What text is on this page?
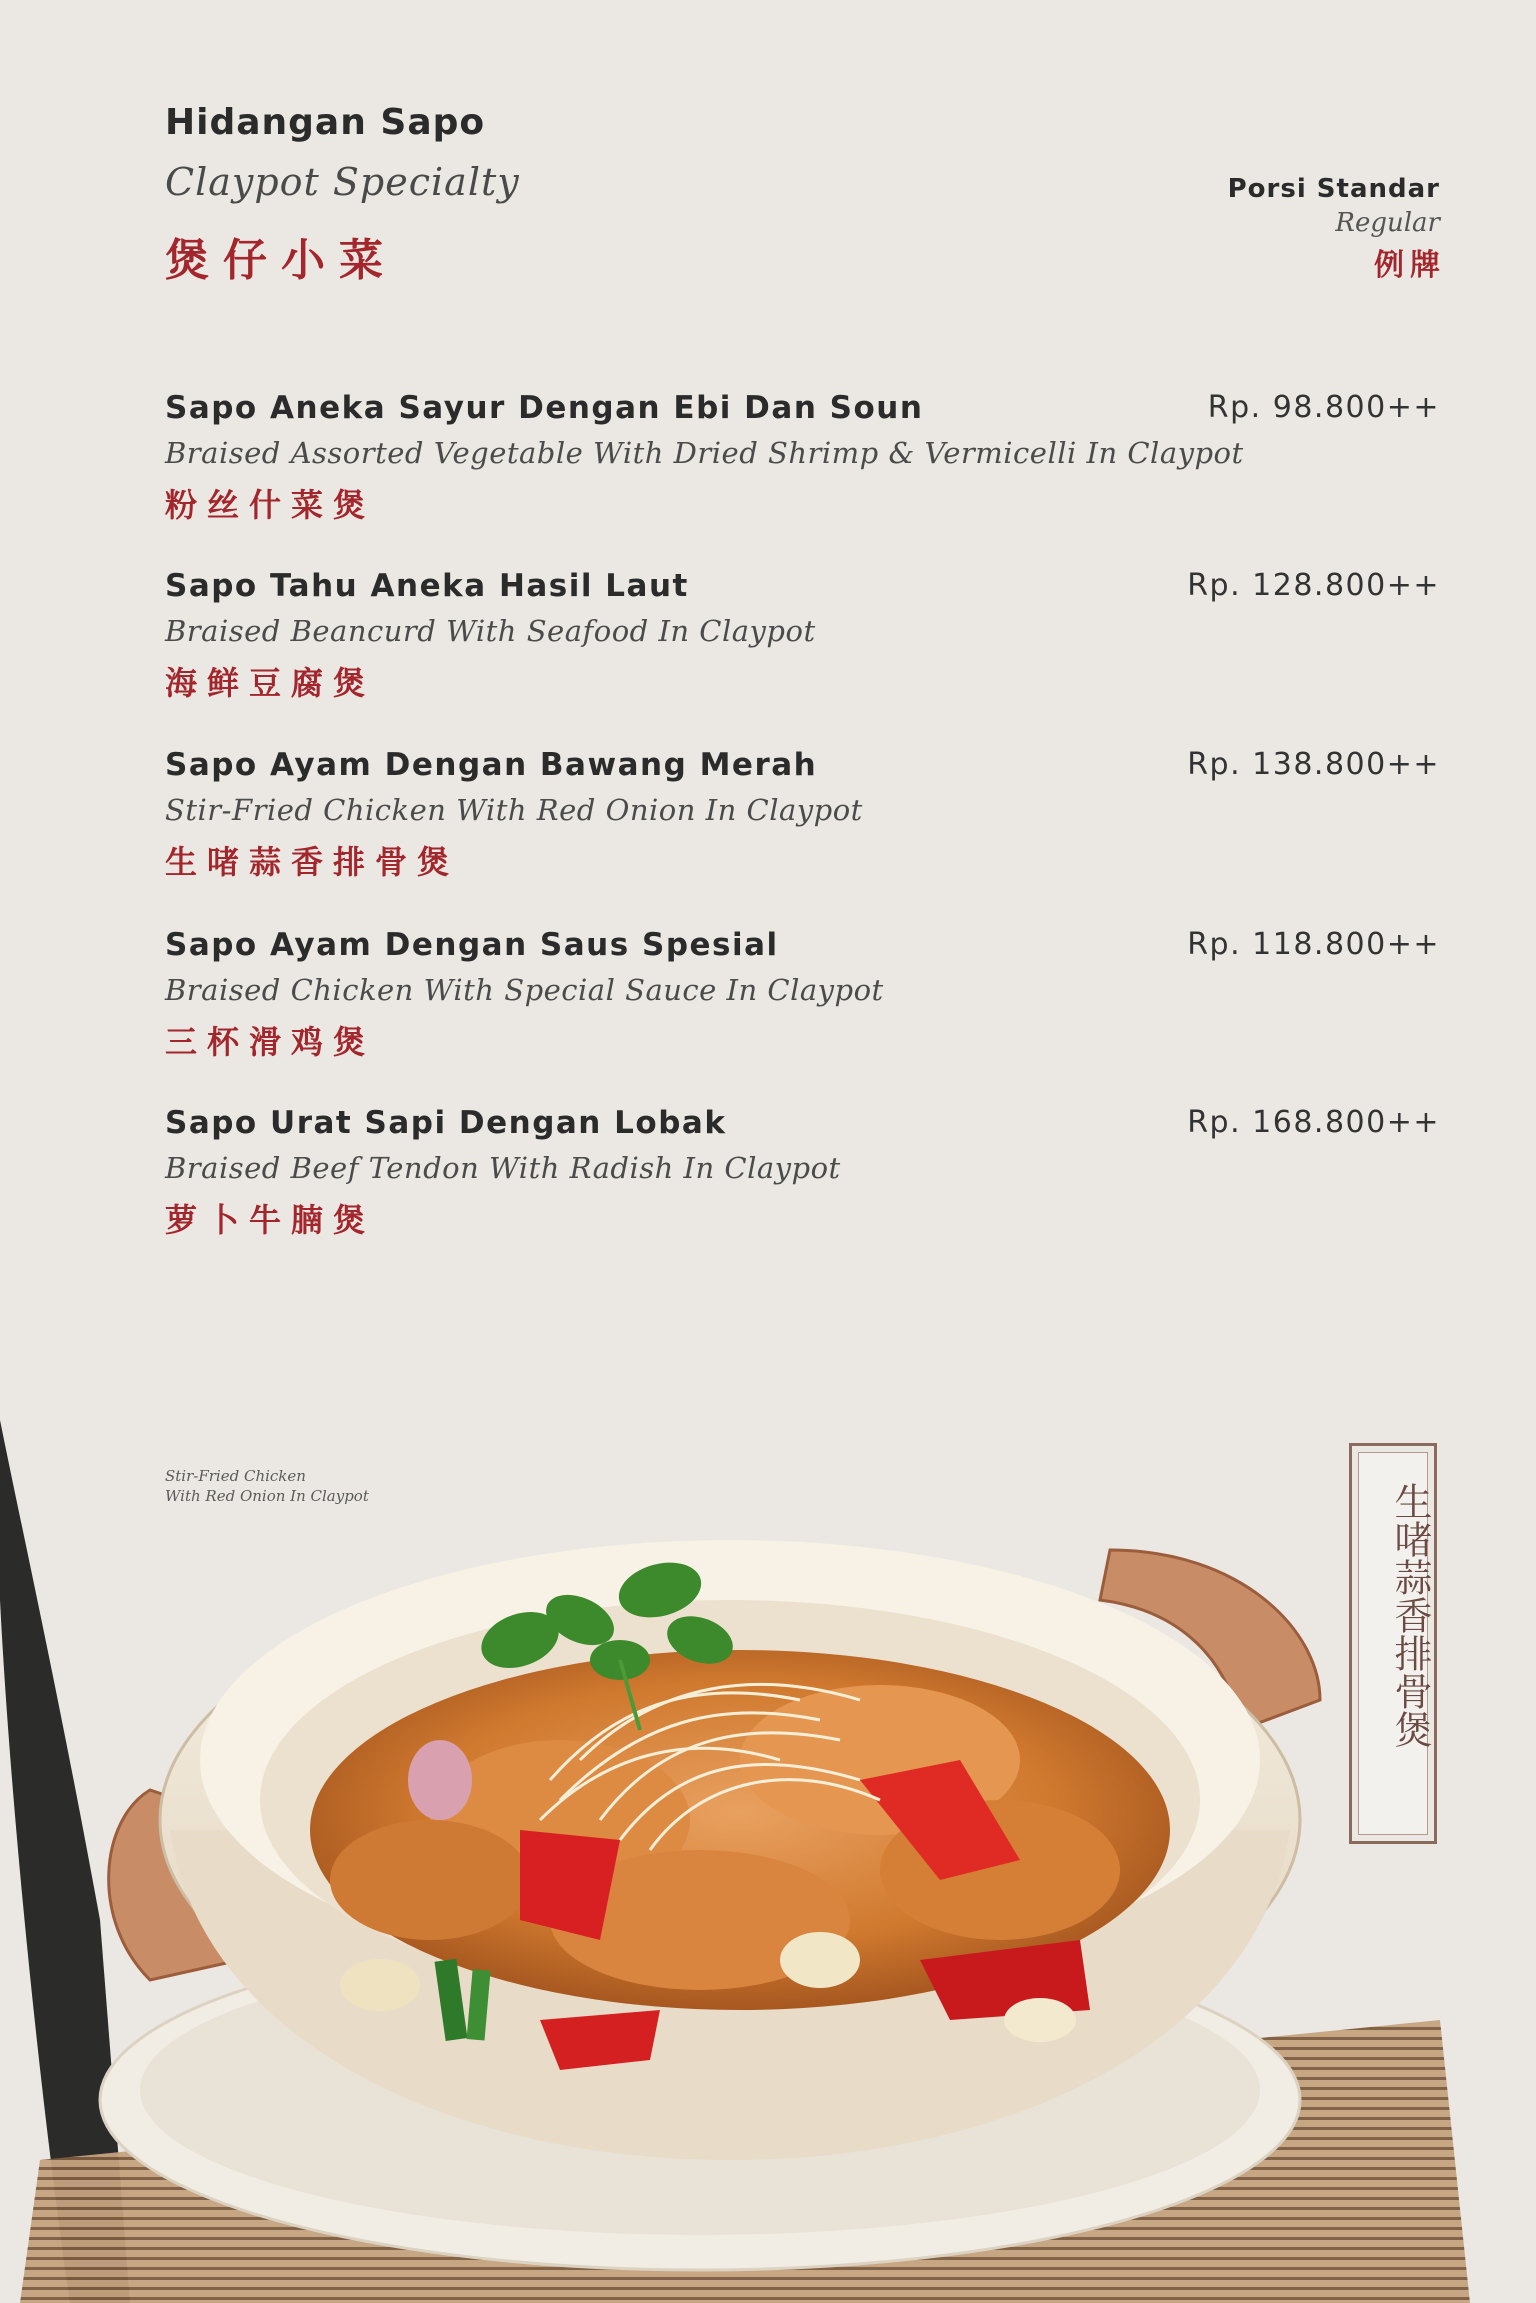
Hidangan Sapo
Claypot Specialty
煲仔小菜
Porsi Standar
Regular
例牌
Sapo Aneka Sayur Dengan Ebi Dan Soun
Braised Assorted Vegetable With Dried Shrimp & Vermicelli In Claypot
粉丝什菜煲
Rp. 98.800++
Sapo Tahu Aneka Hasil Laut
Braised Beancurd With Seafood In Claypot
海鲜豆腐煲
Rp. 128.800++
Sapo Ayam Dengan Bawang Merah
Stir-Fried Chicken With Red Onion In Claypot
生啫蒜香排骨煲
Rp. 138.800++
Sapo Ayam Dengan Saus Spesial
Braised Chicken With Special Sauce In Claypot
三杯滑鸡煲
Rp. 118.800++
Sapo Urat Sapi Dengan Lobak
Braised Beef Tendon With Radish In Claypot
萝卜牛腩煲
Rp. 168.800++
Stir-Fried Chicken
With Red Onion In Claypot	生啫蒜香排骨煲
